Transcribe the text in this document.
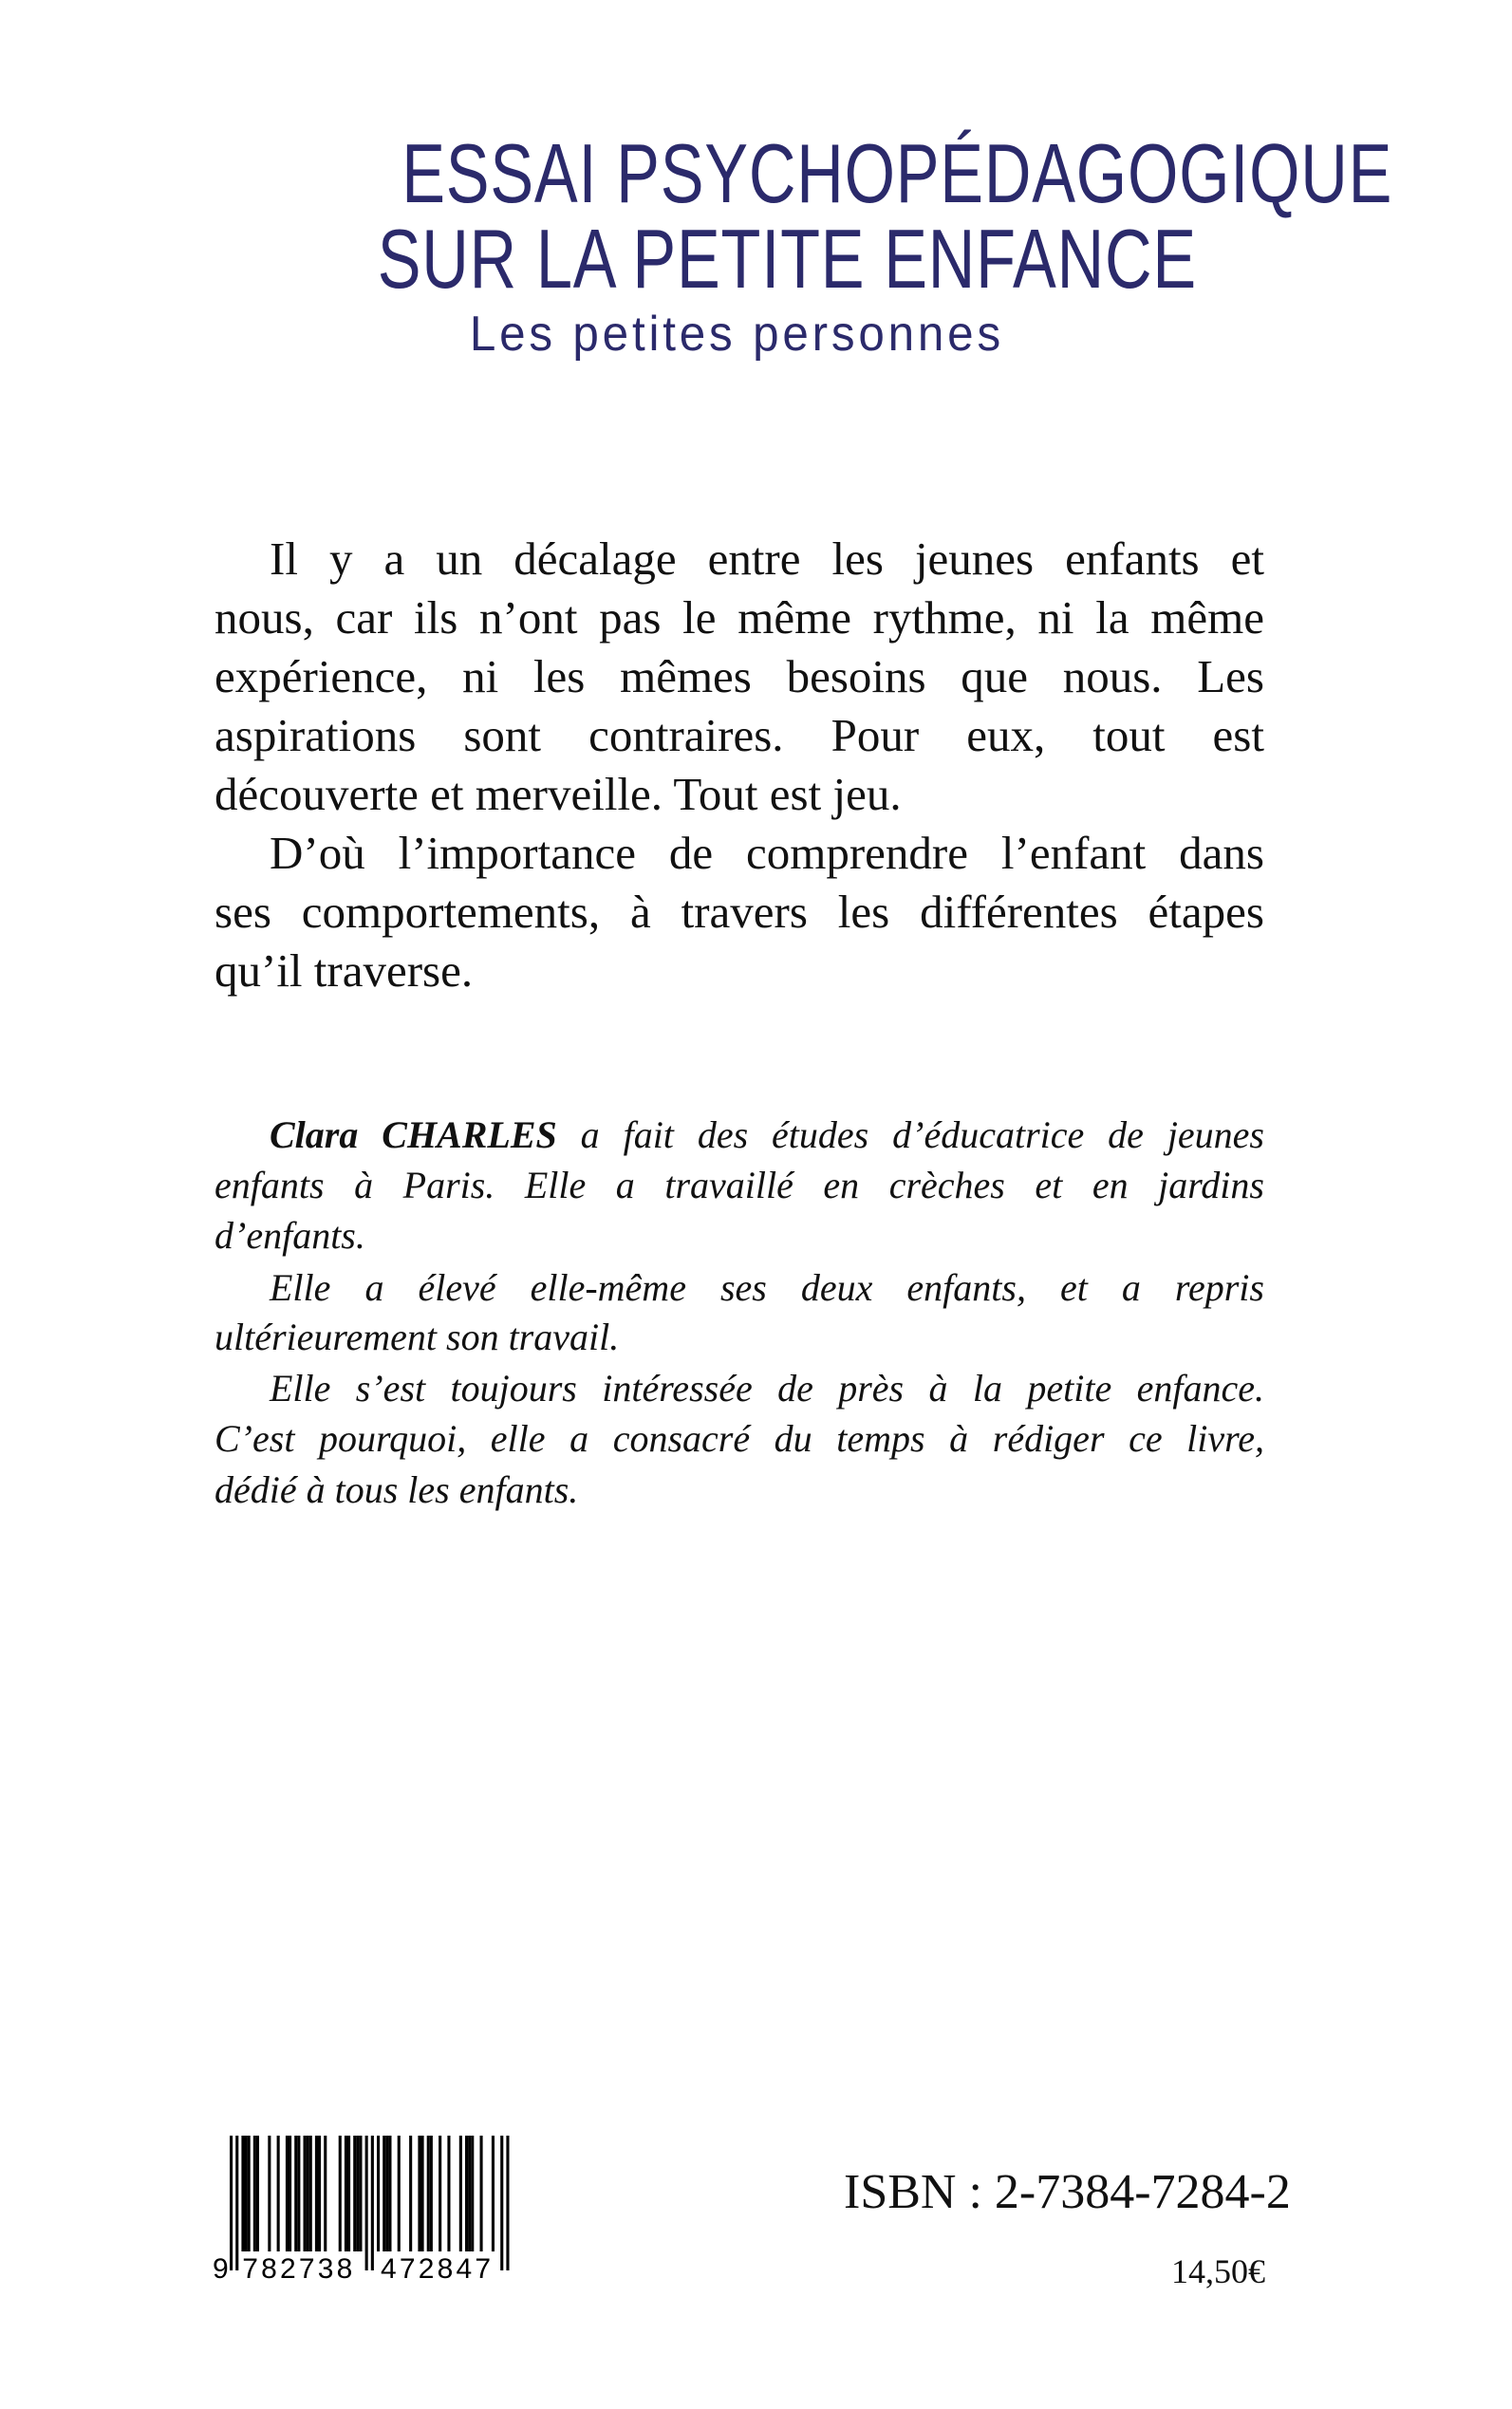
ESSAI PSYCHOPÉDAGOGIQUE
SUR LA PETITE ENFANCE
Les petites personnes
Il y a un décalage entre les jeunes enfants et
nous, car ils n’ont pas le même rythme, ni la même
expérience, ni les mêmes besoins que nous. Les
aspirations sont contraires. Pour eux, tout est
découverte et merveille. Tout est jeu.
D’où l’importance de comprendre l’enfant dans
ses comportements, à travers les différentes étapes
qu’il traverse.
Clara CHARLES a fait des études d’éducatrice de jeunes
enfants à Paris. Elle a travaillé en crèches et en jardins
d’enfants.
Elle a élevé elle-même ses deux enfants, et a repris
ultérieurement son travail.
Elle s’est toujours intéressée de près à la petite enfance.
C’est pourquoi, elle a consacré du temps à rédiger ce livre,
dédié à tous les enfants.
9 782738 472847
ISBN : 2-7384-7284-2
14,50€
